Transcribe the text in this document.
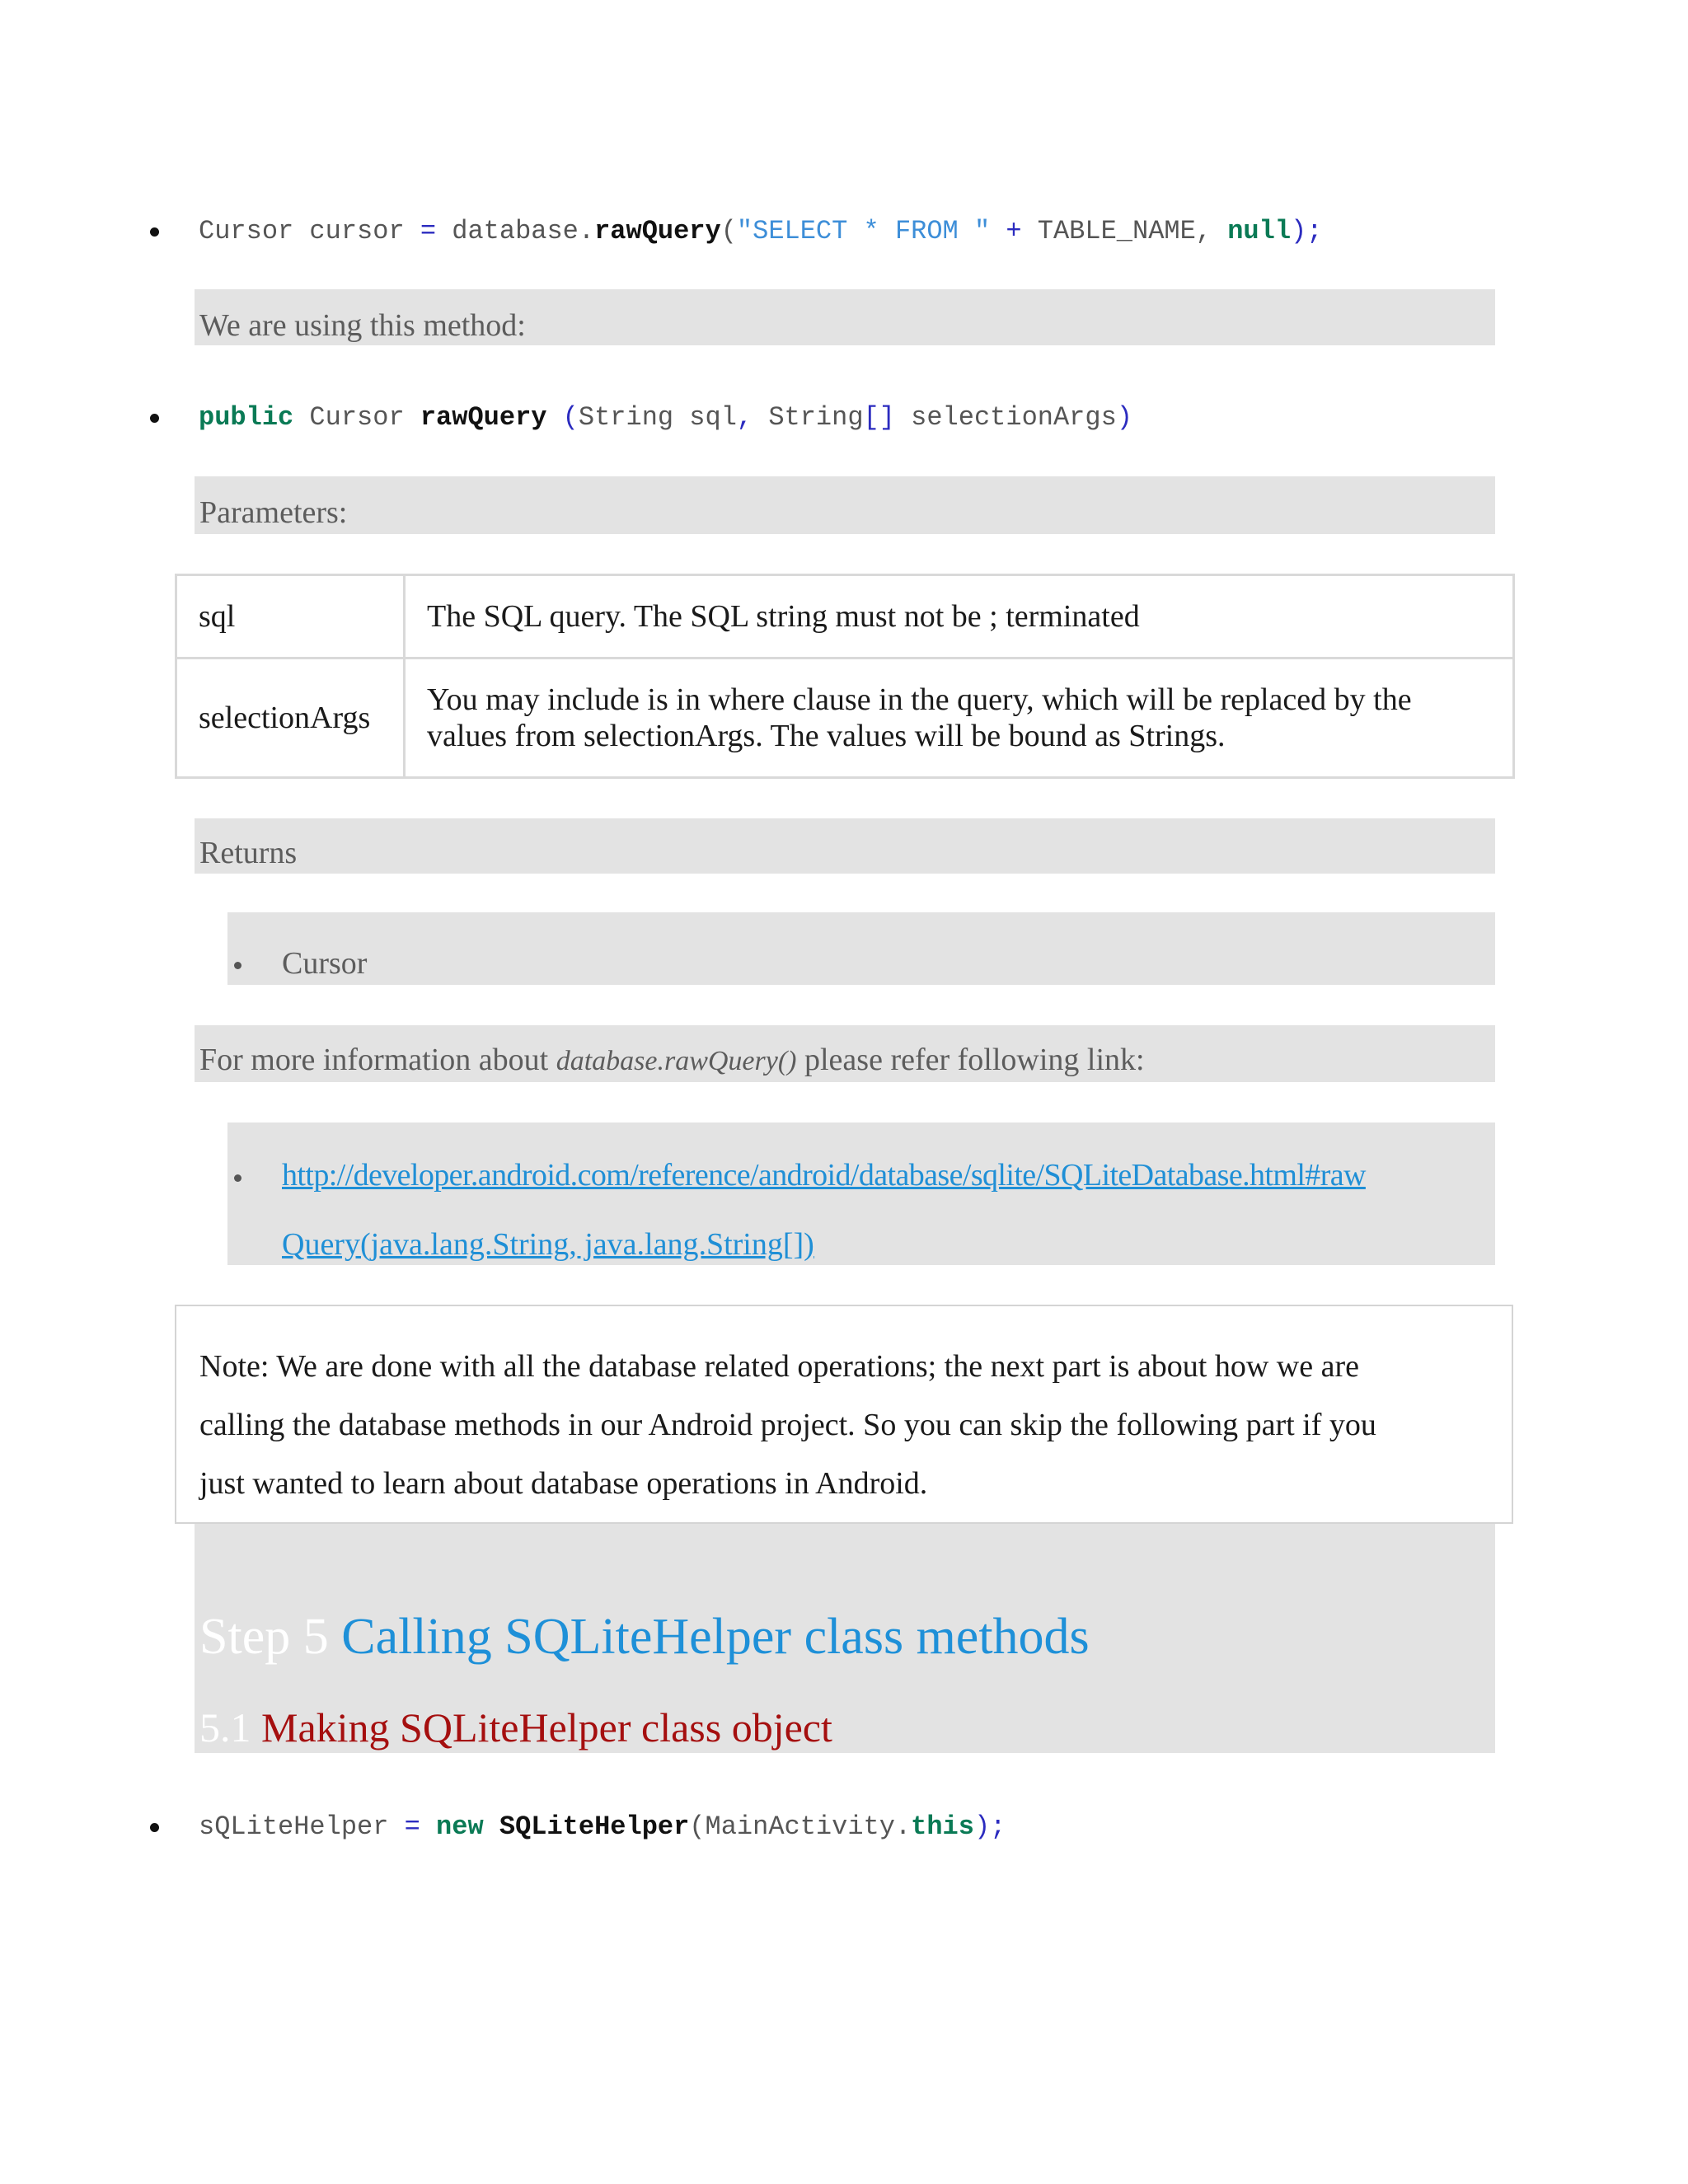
Cursor cursor = database.rawQuery("SELECT * FROM " + TABLE_NAME, null);
We are using this method:
public Cursor rawQuery (String sql, String[] selectionArgs)
Parameters:
sql	The SQL query. The SQL string must not be ; terminated
selectionArgs	You may include is in where clause in the query, which will be replaced by the values from selectionArgs. The values will be bound as Strings.
Returns
Cursor
For more information about database.rawQuery() please refer following link:
http://developer.android.com/reference/android/database/sqlite/SQLiteDatabase.html#raw
Query(java.lang.String, java.lang.String[])
Note: We are done with all the database related operations; the next part is about how we are
calling the database methods in our Android project. So you can skip the following part if you
just wanted to learn about database operations in Android.
Step 5 Calling SQLiteHelper class methods
5.1 Making SQLiteHelper class object
sQLiteHelper = new SQLiteHelper(MainActivity.this);
